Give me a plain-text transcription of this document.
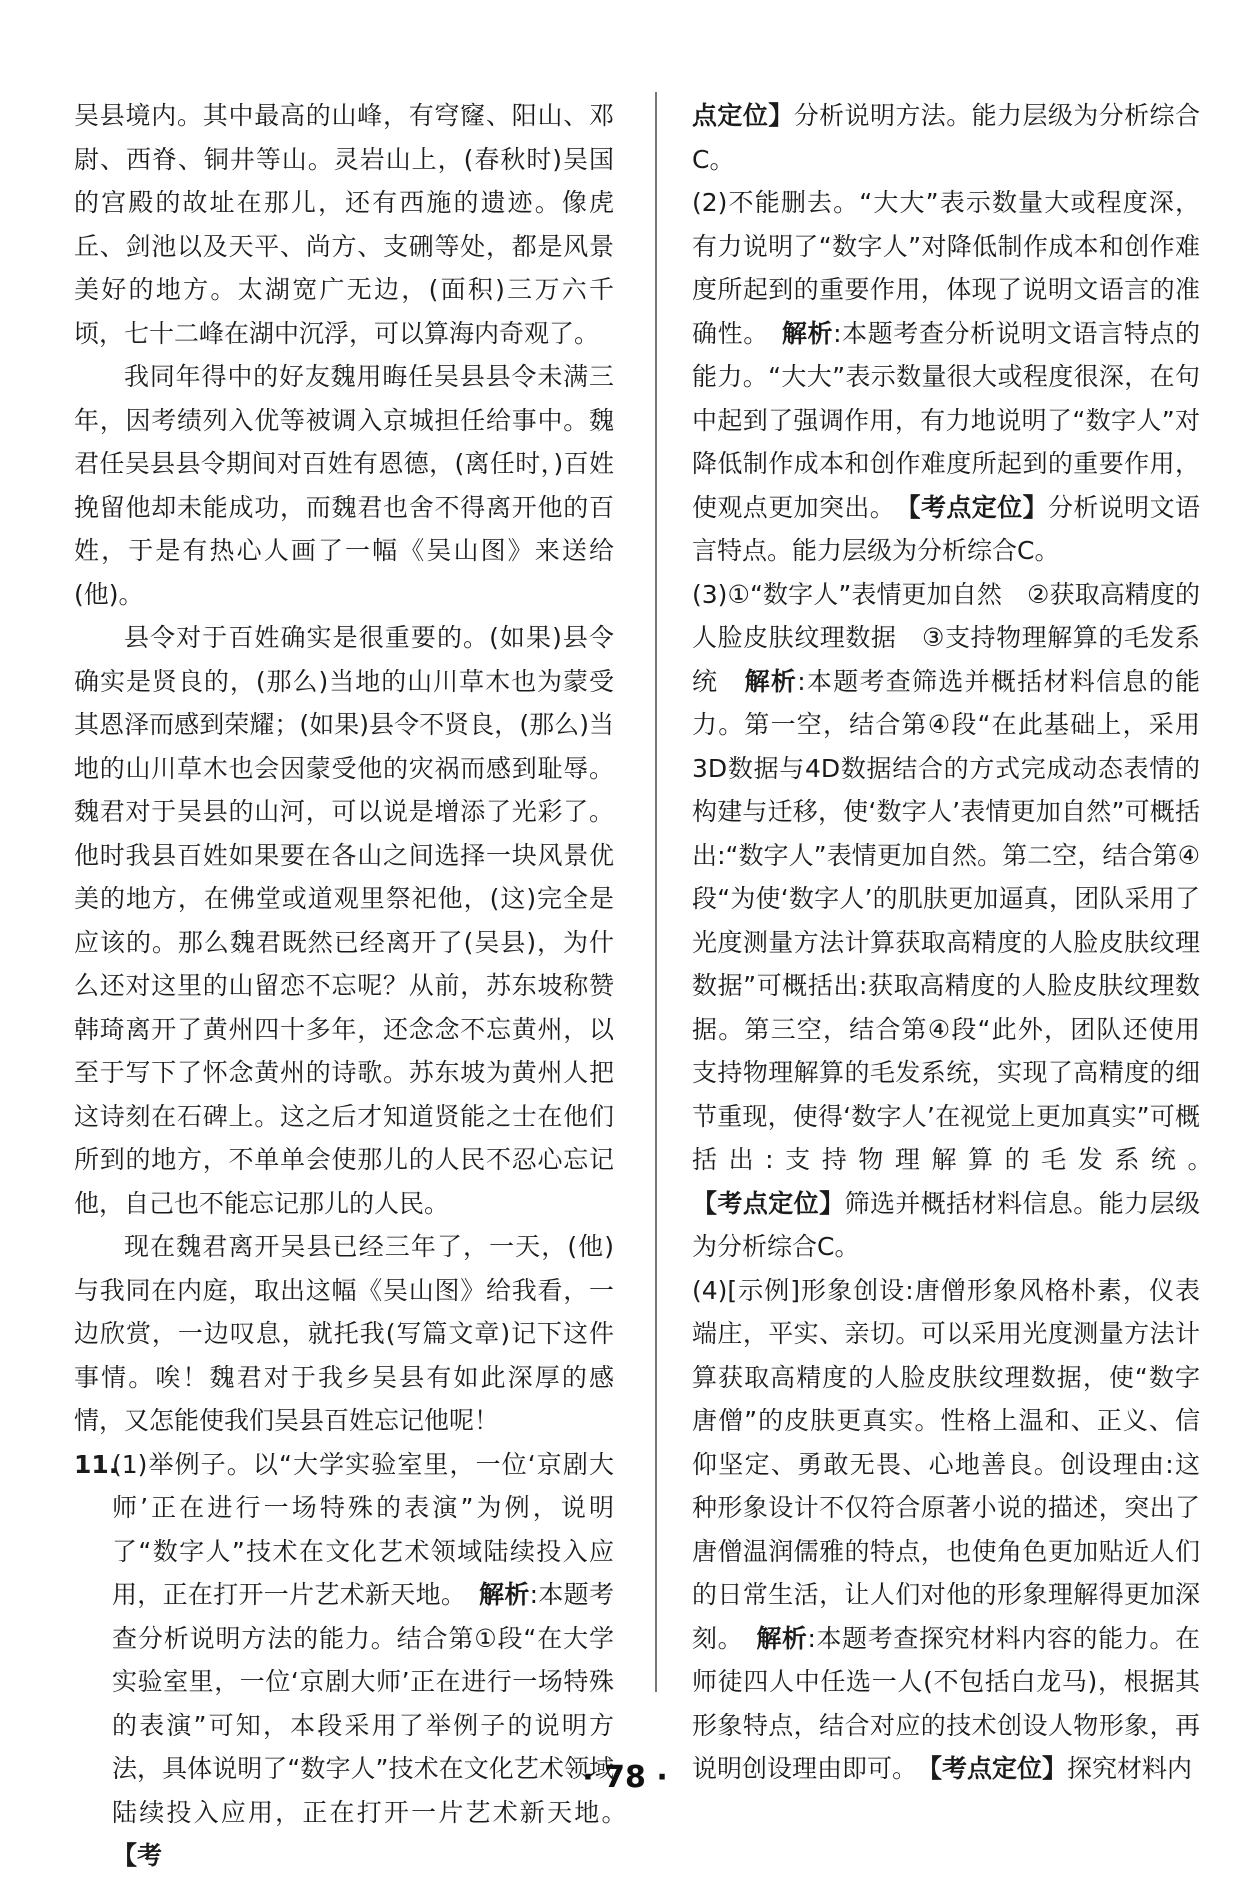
吴县境内。其中最高的山峰，有穹窿、阳山、邓尉、西脊、铜井等山。灵岩山上，(春秋时)吴国的宫殿的故址在那儿，还有西施的遗迹。像虎丘、剑池以及天平、尚方、支硎等处，都是风景美好的地方。太湖宽广无边，(面积)三万六千顷，七十二峰在湖中沉浮，可以算海内奇观了。

我同年得中的好友魏用晦任吴县县令未满三年，因考绩列入优等被调入京城担任给事中。魏君任吴县县令期间对百姓有恩德，(离任时，)百姓挽留他却未能成功，而魏君也舍不得离开他的百姓，于是有热心人画了一幅《吴山图》来送给(他)。

县令对于百姓确实是很重要的。(如果)县令确实是贤良的，(那么)当地的山川草木也为蒙受其恩泽而感到荣耀；(如果)县令不贤良，(那么)当地的山川草木也会因蒙受他的灾祸而感到耻辱。魏君对于吴县的山河，可以说是增添了光彩了。他时我县百姓如果要在各山之间选择一块风景优美的地方，在佛堂或道观里祭祀他，(这)完全是应该的。那么魏君既然已经离开了(吴县)，为什么还对这里的山留恋不忘呢？从前，苏东坡称赞韩琦离开了黄州四十多年，还念念不忘黄州，以至于写下了怀念黄州的诗歌。苏东坡为黄州人把这诗刻在石碑上。这之后才知道贤能之士在他们所到的地方，不单单会使那儿的人民不忍心忘记他，自己也不能忘记那儿的人民。

现在魏君离开吴县已经三年了，一天，(他)与我同在内庭，取出这幅《吴山图》给我看，一边欣赏，一边叹息，就托我(写篇文章)记下这件事情。唉！魏君对于我乡吴县有如此深厚的感情，又怎能使我们吴县百姓忘记他呢！

11.

(1)举例子。以“大学实验室里，一位‘京剧大师’正在进行一场特殊的表演”为例，说明了“数字人”技术在文化艺术领域陆续投入应用，正在打开一片艺术新天地。　 解析:本题考查分析说明方法的能力。结合第①段“在大学实验室里，一位‘京剧大师’正在进行一场特殊的表演”可知，本段采用了举例子的说明方法，具体说明了“数字人”技术在文化艺术领域陆续投入应用，正在打开一片艺术新天地。　【考

点定位】分析说明方法。能力层级为分析综合C。

(2)不能删去。“大大”表示数量大或程度深，有力说明了“数字人”对降低制作成本和创作难度所起到的重要作用，体现了说明文语言的准确性。　 解析:本题考查分析说明文语言特点的能力。“大大”表示数量很大或程度很深，在句中起到了强调作用，有力地说明了“数字人”对降低制作成本和创作难度所起到的重要作用，使观点更加突出。　 【考点定位】分析说明文语言特点。能力层级为分析综合C。

(3)①“数字人”表情更加自然　②获取高精度的人脸皮肤纹理数据　③支持物理解算的毛发系统　 解析:本题考查筛选并概括材料信息的能力。第一空，结合第④段“在此基础上，采用3D数据与4D数据结合的方式完成动态表情的构建与迁移，使‘数字人’表情更加自然”可概括出:“数字人”表情更加自然。第二空，结合第④段“为使‘数字人’的肌肤更加逼真，团队采用了光度测量方法计算获取高精度的人脸皮肤纹理数据”可概括出:获取高精度的人脸皮肤纹理数据。第三空，结合第④段“此外，团队还使用支持物理解算的毛发系统，实现了高精度的细节重现，使得‘数字人’在视觉上更加真实”可概括出:支持物理解算的毛发系统。　【考点定位】筛选并概括材料信息。能力层级为分析综合C。

(4)[示例]形象创设:唐僧形象风格朴素，仪表端庄，平实、亲切。可以采用光度测量方法计算获取高精度的人脸皮肤纹理数据，使“数字唐僧”的皮肤更真实。性格上温和、正义、信仰坚定、勇敢无畏、心地善良。创设理由:这种形象设计不仅符合原著小说的描述，突出了唐僧温润儒雅的特点，也使角色更加贴近人们的日常生活，让人们对他的形象理解得更加深刻。　 解析:本题考查探究材料内容的能力。在师徒四人中任选一人(不包括白龙马)，根据其形象特点，结合对应的技术创设人物形象，再说明创设理由即可。　 【考点定位】探究材料内

· 78 ·
